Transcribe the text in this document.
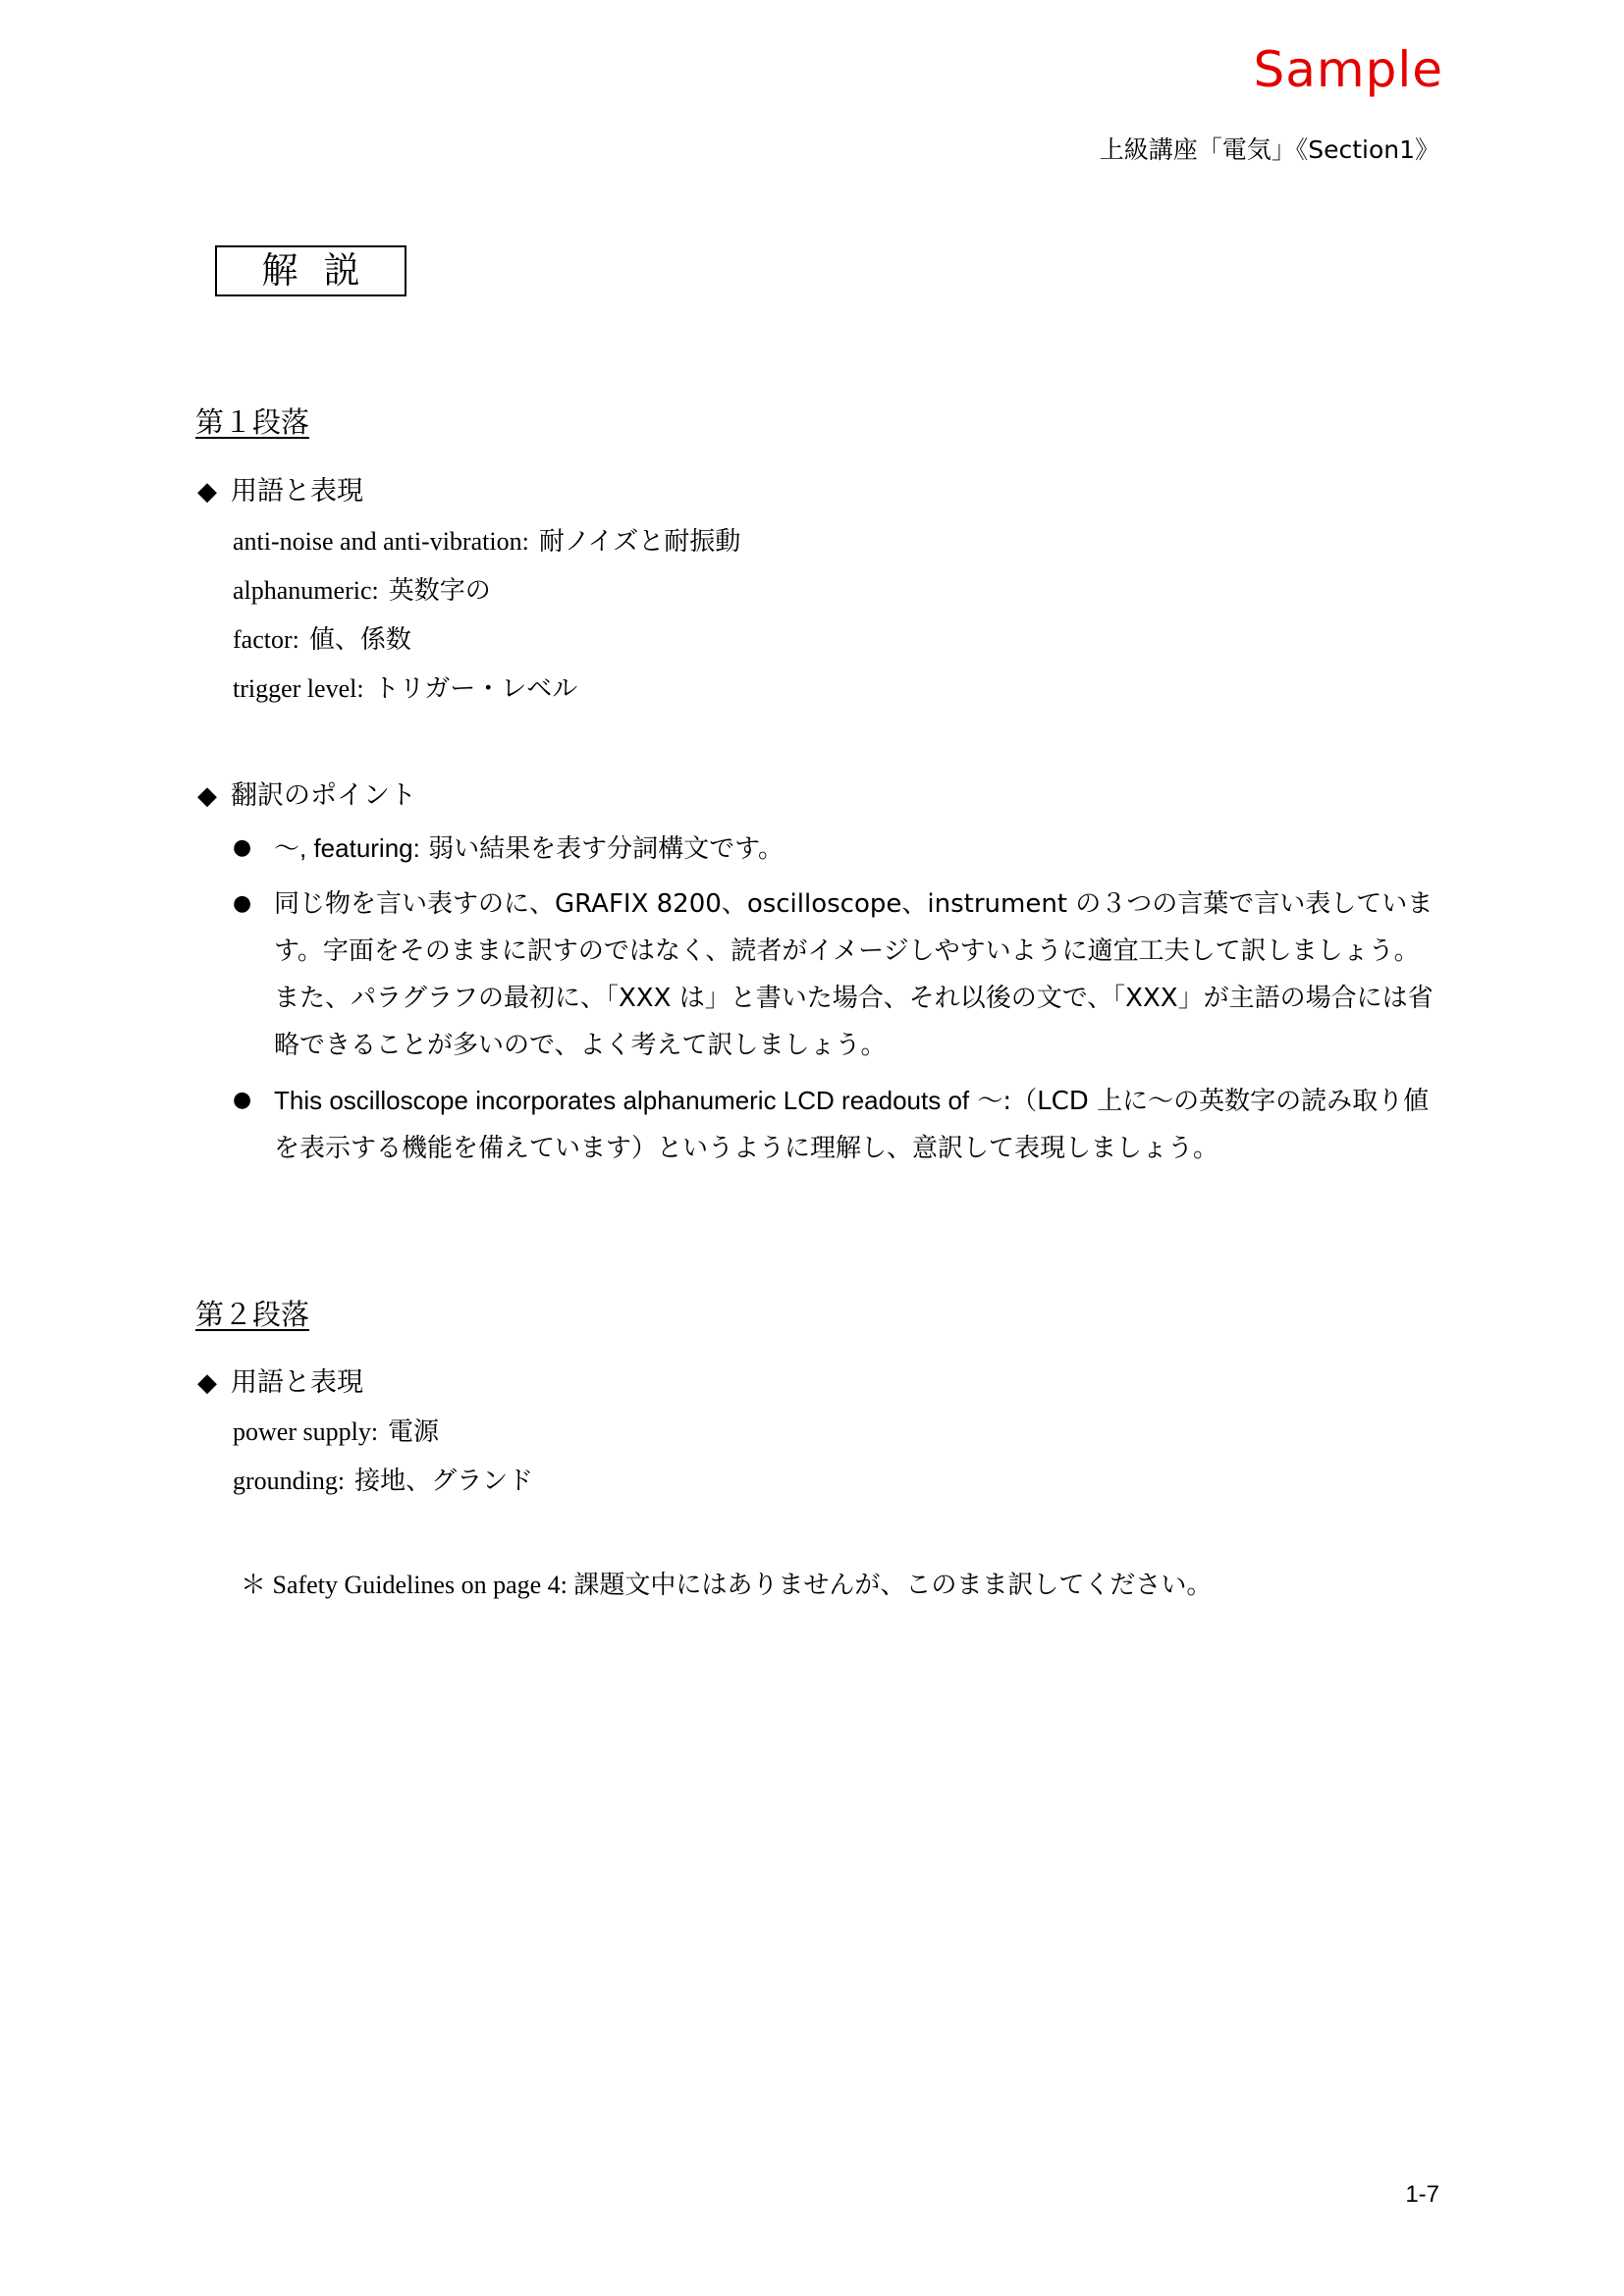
Sample
上級講座「電気」《Section1》
解説
第１段落
◆ 用語と表現
anti-noise and anti-vibration: 耐ノイズと耐振動
alphanumeric: 英数字の
factor: 値、係数
trigger level: トリガー・レベル
◆ 翻訳のポイント
● ～, featuring: 弱い結果を表す分詞構文です。
● 同じ物を言い表すのに、GRAFIX 8200、oscilloscope、instrument の３つの言葉で言い表しています。字面をそのままに訳すのではなく、読者がイメージしやすいように適宜工夫して訳しましょう。また、パラグラフの最初に、「XXX は」と書いた場合、それ以後の文で、「XXX」が主語の場合には省略できることが多いので、よく考えて訳しましょう。
● This oscilloscope incorporates alphanumeric LCD readouts of ～:（LCD 上に～の英数字の読み取り値を表示する機能を備えています）というように理解し、意訳して表現しましょう。
第２段落
◆ 用語と表現
power supply: 電源
grounding: 接地、グランド
＊ Safety Guidelines on page 4: 課題文中にはありませんが、このまま訳してください。
1-7
